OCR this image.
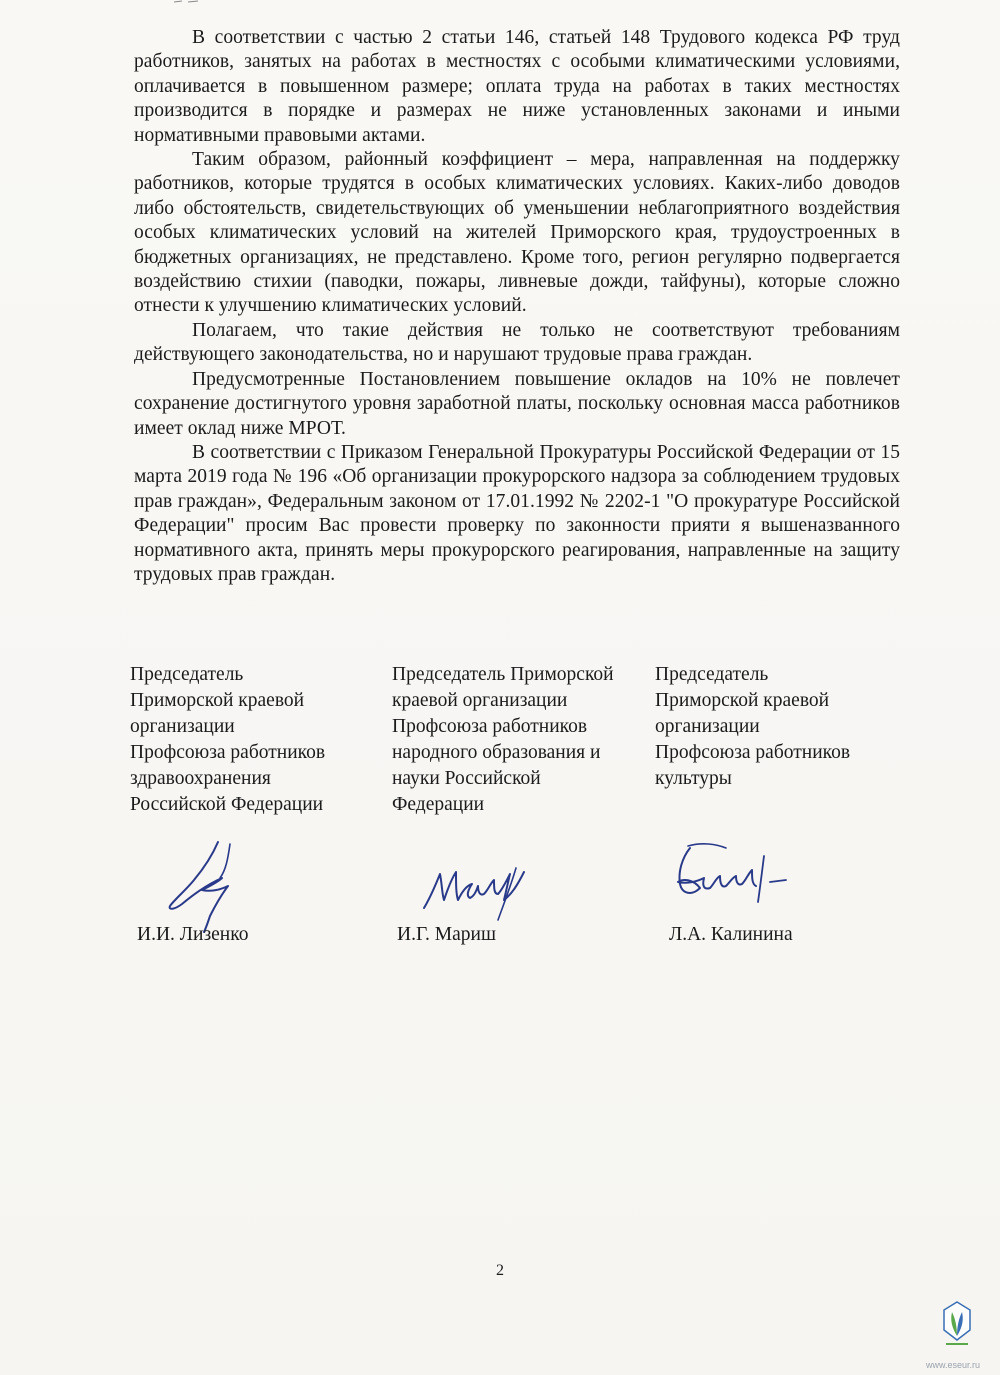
В соответствии с частью 2 статьи 146, статьей 148 Трудового кодекса РФ труд работников, занятых на работах в местностях с особыми климатическими условиями, оплачивается в повышенном размере; оплата труда на работах в таких местностях производится в порядке и размерах не ниже установленных законами и иными нормативными правовыми актами.

Таким образом, районный коэффициент – мера, направленная на поддержку работников, которые трудятся в особых климатических условиях. Каких-либо доводов либо обстоятельств, свидетельствующих об уменьшении неблагоприятного воздействия особых климатических условий на жителей Приморского края, трудоустроенных в бюджетных организациях, не представлено. Кроме того, регион регулярно подвергается воздействию стихии (паводки, пожары, ливневые дожди, тайфуны), которые сложно отнести к улучшению климатических условий.

Полагаем, что такие действия не только не соответствуют требованиям действующего законодательства, но и нарушают трудовые права граждан.

Предусмотренные Постановлением повышение окладов на 10% не повлечет сохранение достигнутого уровня заработной платы, поскольку основная масса работников имеет оклад ниже МРОТ.

В соответствии с Приказом Генеральной Прокуратуры Российской Федерации от 15 марта 2019 года № 196 «Об организации прокурорского надзора за соблюдением трудовых прав граждан», Федеральным законом от 17.01.1992 № 2202-1 "О прокуратуре Российской Федерации" просим Вас провести проверку по законности прияти я вышеназванного нормативного акта, принять меры прокурорского реагирования, направленные на защиту трудовых прав граждан.

Председатель
Приморской краевой
организации
Профсоюза работников
здравоохранения
Российской Федерации
Председатель Приморской
краевой организации
Профсоюза работников
народного образования и
науки Российской
Федерации
Председатель
Приморской краевой
организации
Профсоюза работников
культуры
И.И. Лизенко	И.Г. Мариш	Л.А. Калинина
2
www.eseur.ru
